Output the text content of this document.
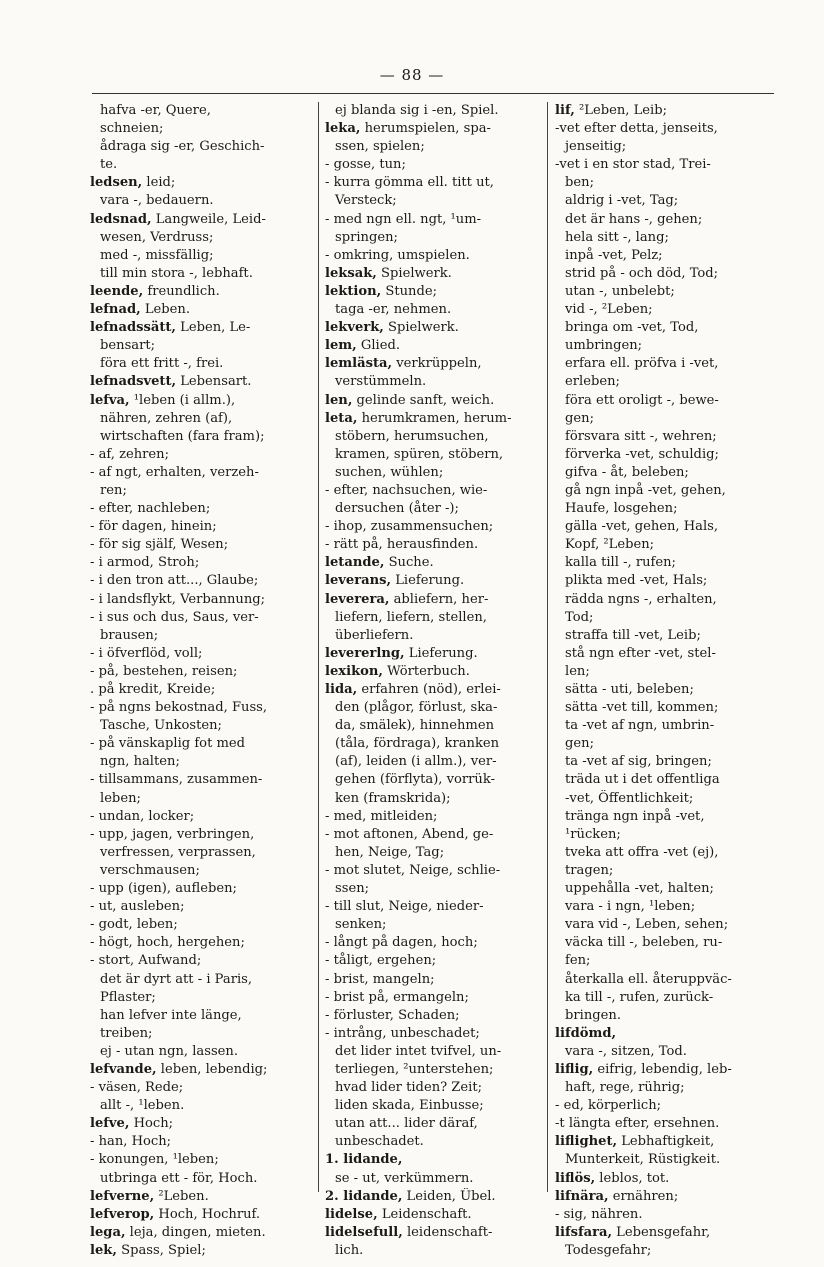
— 88 —
hafva -er, Quere,
schneien;
ådraga sig -er, Geschich-
te.
ledsen, leid;
vara -, bedauern.
ledsnad, Langweile, Leid-
wesen, Verdruss;
med -, missfällig;
till min stora -, lebhaft.
leende, freundlich.
lefnad, Leben.
lefnadssätt, Leben, Le-
bensart;
föra ett fritt -, frei.
lefnadsvett, Lebensart.
lefva, ¹leben (i allm.),
nähren, zehren (af),
wirtschaften (fara fram);
- af, zehren;
- af ngt, erhalten, verzeh-
ren;
- efter, nachleben;
- för dagen, hinein;
- för sig själf, Wesen;
- i armod, Stroh;
- i den tron att..., Glaube;
- i landsflykt, Verbannung;
- i sus och dus, Saus, ver-
brausen;
- i öfverflöd, voll;
- på, bestehen, reisen;
. på kredit, Kreide;
- på ngns bekostnad, Fuss,
Tasche, Unkosten;
- på vänskaplig fot med
ngn, halten;
- tillsammans, zusammen-
leben;
- undan, locker;
- upp, jagen, verbringen,
verfressen, verprassen,
verschmausen;
- upp (igen), aufleben;
- ut, ausleben;
- godt, leben;
- högt, hoch, hergehen;
- stort, Aufwand;
det är dyrt att - i Paris,
Pflaster;
han lefver inte länge,
treiben;
ej - utan ngn, lassen.
lefvande, leben, lebendig;
- väsen, Rede;
allt -, ¹leben.
lefve, Hoch;
- han, Hoch;
- konungen, ¹leben;
utbringa ett - för, Hoch.
lefverne, ²Leben.
lefverop, Hoch, Hochruf.
lega, leja, dingen, mieten.
lek, Spass, Spiel;
ej blanda sig i -en, Spiel.
leka, herumspielen, spa-
ssen, spielen;
- gosse, tun;
- kurra gömma ell. titt ut,
Versteck;
- med ngn ell. ngt, ¹um-
springen;
- omkring, umspielen.
leksak, Spielwerk.
lektion, Stunde;
taga -er, nehmen.
lekverk, Spielwerk.
lem, Glied.
lemlästa, verkrüppeln,
verstümmeln.
len, gelinde sanft, weich.
leta, herumkramen, herum-
stöbern, herumsuchen,
kramen, spüren, stöbern,
suchen, wühlen;
- efter, nachsuchen, wie-
dersuchen (åter -);
- ihop, zusammensuchen;
- rätt på, herausfinden.
letande, Suche.
leverans, Lieferung.
leverera, abliefern, her-
liefern, liefern, stellen,
überliefern.
levererlng, Lieferung.
lexikon, Wörterbuch.
lida, erfahren (nöd), erlei-
den (plågor, förlust, ska-
da, smälek), hinnehmen
(tåla, fördraga), kranken
(af), leiden (i allm.), ver-
gehen (förflyta), vorrük-
ken (framskrida);
- med, mitleiden;
- mot aftonen, Abend, ge-
hen, Neige, Tag;
- mot slutet, Neige, schlie-
ssen;
- till slut, Neige, nieder-
senken;
- långt på dagen, hoch;
- tåligt, ergehen;
- brist, mangeln;
- brist på, ermangeln;
- förluster, Schaden;
- intrång, unbeschadet;
det lider intet tvifvel, un-
terliegen, ²unterstehen;
hvad lider tiden? Zeit;
liden skada, Einbusse;
utan att... lider däraf,
unbeschadet.
1. lidande,
se - ut, verkümmern.
2. lidande, Leiden, Übel.
lidelse, Leidenschaft.
lidelsefull, leidenschaft-
lich.
lif, ²Leben, Leib;
-vet efter detta, jenseits,
jenseitig;
-vet i en stor stad, Trei-
ben;
aldrig i -vet, Tag;
det är hans -, gehen;
hela sitt -, lang;
inpå -vet, Pelz;
strid på - och död, Tod;
utan -, unbelebt;
vid -, ²Leben;
bringa om -vet, Tod,
umbringen;
erfara ell. pröfva i -vet,
erleben;
föra ett oroligt -, bewe-
gen;
försvara sitt -, wehren;
förverka -vet, schuldig;
gifva - åt, beleben;
gå ngn inpå -vet, gehen,
Haufe, losgehen;
gälla -vet, gehen, Hals,
Kopf, ²Leben;
kalla till -, rufen;
plikta med -vet, Hals;
rädda ngns -, erhalten,
Tod;
straffa till -vet, Leib;
stå ngn efter -vet, stel-
len;
sätta - uti, beleben;
sätta -vet till, kommen;
ta -vet af ngn, umbrin-
gen;
ta -vet af sig, bringen;
träda ut i det offentliga
-vet, Öffentlichkeit;
tränga ngn inpå -vet,
¹rücken;
tveka att offra -vet (ej),
tragen;
uppehålla -vet, halten;
vara - i ngn, ¹leben;
vara vid -, Leben, sehen;
väcka till -, beleben, ru-
fen;
återkalla ell. återuppväc-
ka till -, rufen, zurück-
bringen.
lifdömd,
vara -, sitzen, Tod.
liflig, eifrig, lebendig, leb-
haft, rege, rührig;
- ed, körperlich;
-t längta efter, ersehnen.
liflighet, Lebhaftigkeit,
Munterkeit, Rüstigkeit.
liflös, leblos, tot.
lifnära, ernähren;
- sig, nähren.
lifsfara, Lebensgefahr,
Todesgefahr;
